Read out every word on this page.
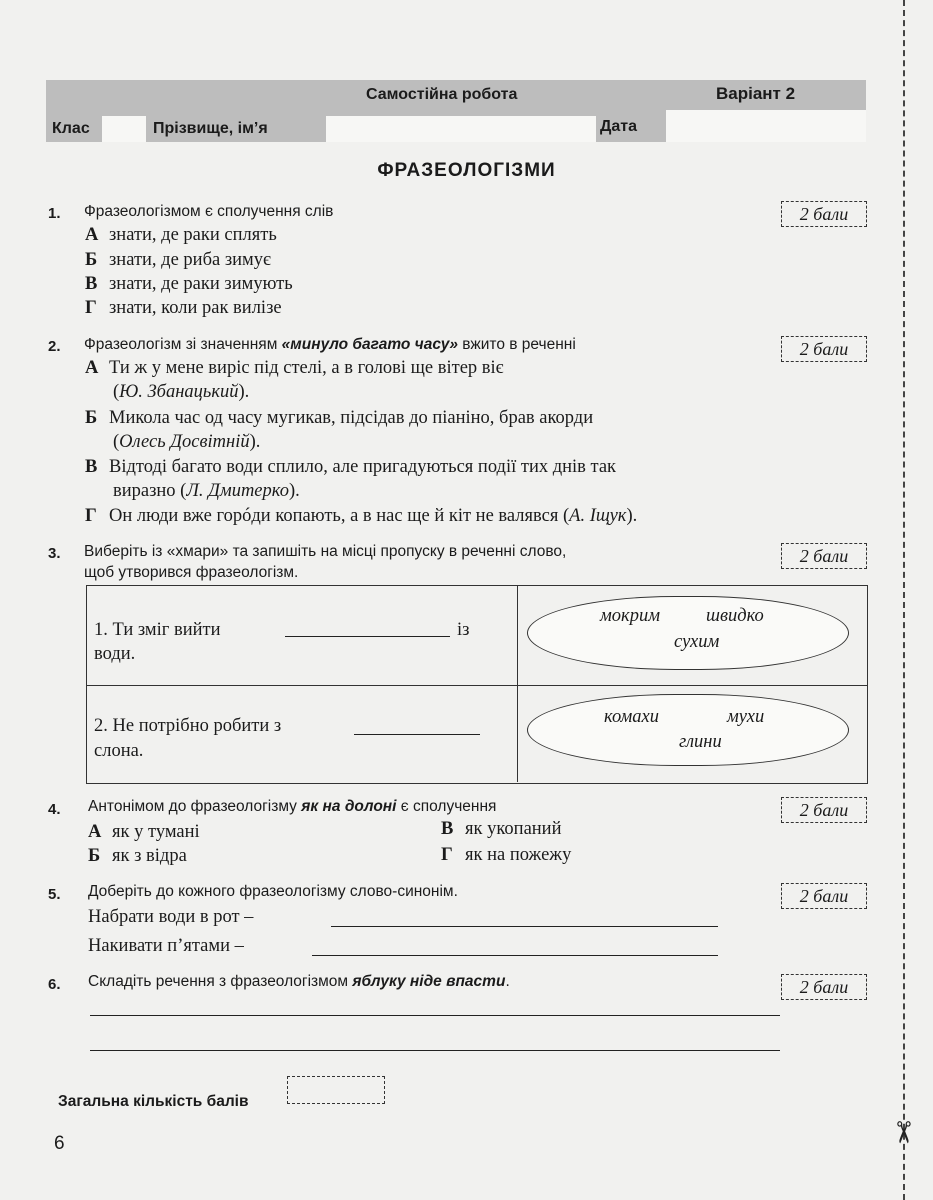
✂
Самостійна робота	Варіант 2
Клас	Прізвище, ім’я	Дата
ФРАЗЕОЛОГІЗМИ
1. Фразеологізмом є сполучення слів	2 бали
А знати, де раки сплять
Б знати, де риба зимує
В знати, де раки зимують
Г знати, коли рак вилізе
2. Фразеологізм зі значенням «минуло багато часу» вжито в реченні	2 бали
А Ти ж у мене виріс під стелі, а в голові ще вітер віє
(Ю. Збанацький).
Б Микола час од часу мугикав, підсідав до піаніно, брав акорди
(Олесь Досвітній).
В Відтоді багато води сплило, але пригадуються події тих днів так
виразно (Л. Дмитерко).
Г Он люди вже горóди копають, а в нас ще й кіт не валявся (А. Іщук).
3. Виберіть із «хмари» та запишіть на місці пропуску в реченні слово,
щоб утворився фразеологізм.
2 бали
1. Ти зміг вийти	із
води.
мокрим швидко
сухим
2. Не потрібно робити з
слона.
комахи	мухи
глини
4. Антонімом до фразеологізму як на долоні є сполучення	2 бали
А як у тумані
Б як з відра
В як укопаний
Г як на пожежу
5. Доберіть до кожного фразеологізму слово-синонім.	2 бали
Набрати води в рот –
Накивати п’ятами –
6. Складіть речення з фразеологізмом яблуку ніде впасти.	2 бали
Загальна кількість балів
6
